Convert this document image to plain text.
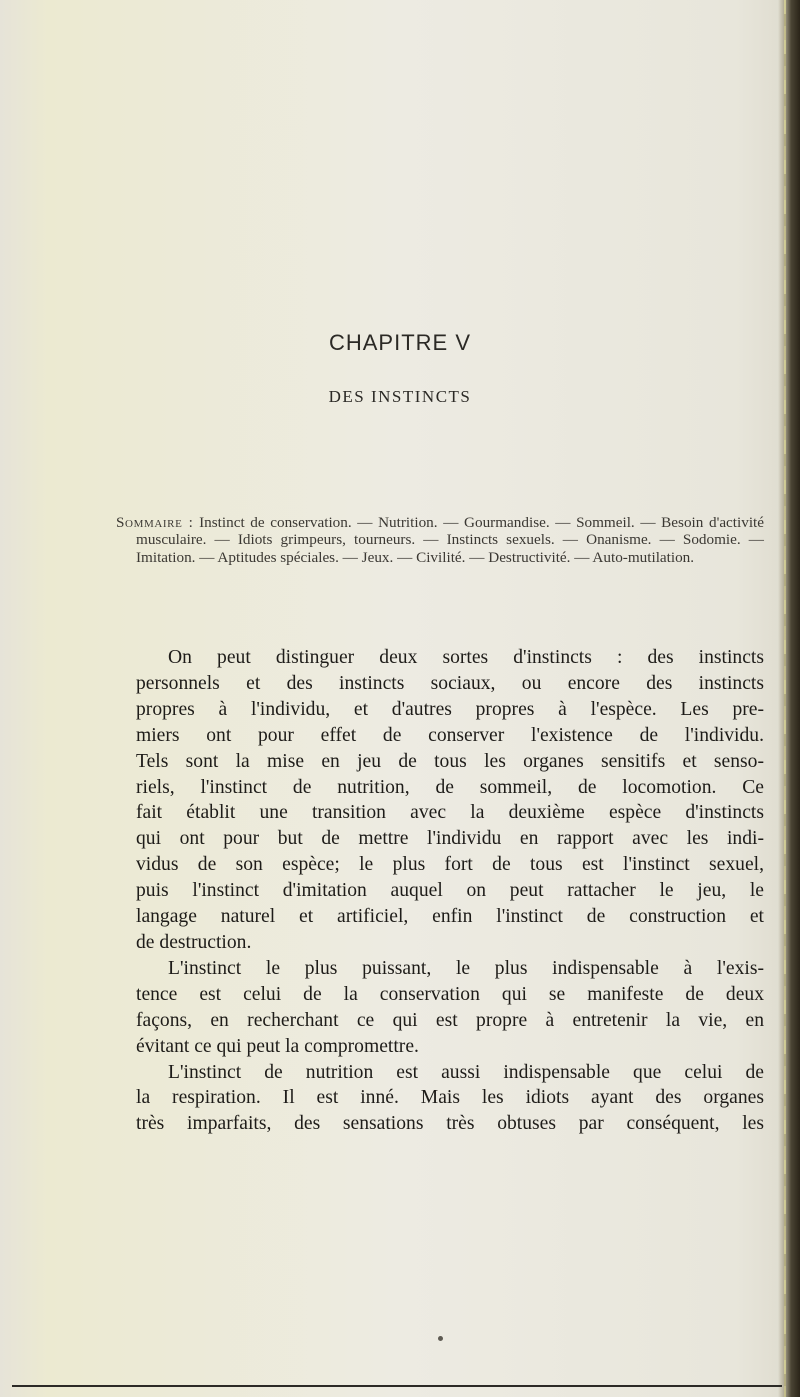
CHAPITRE V
DES INSTINCTS

Sommaire : Instinct de conservation. — Nutrition. — Gourmandise. — Sommeil. — Besoin d'activité musculaire. — Idiots grimpeurs, tourneurs. — Instincts sexuels. — Onanisme. — Sodomie. — Imitation. — Aptitudes spéciales. — Jeux. — Civilité. — Destructivité. — Auto-mutilation.

On peut distinguer deux sortes d'instincts : des instincts
personnels et des instincts sociaux, ou encore des instincts
propres à l'individu, et d'autres propres à l'espèce. Les pre-
miers ont pour effet de conserver l'existence de l'individu.
Tels sont la mise en jeu de tous les organes sensitifs et senso-
riels, l'instinct de nutrition, de sommeil, de locomotion. Ce
fait établit une transition avec la deuxième espèce d'instincts
qui ont pour but de mettre l'individu en rapport avec les indi-
vidus de son espèce; le plus fort de tous est l'instinct sexuel,
puis l'instinct d'imitation auquel on peut rattacher le jeu, le
langage naturel et artificiel, enfin l'instinct de construction et
de destruction.

L'instinct le plus puissant, le plus indispensable à l'exis-
tence est celui de la conservation qui se manifeste de deux
façons, en recherchant ce qui est propre à entretenir la vie, en
évitant ce qui peut la compromettre.

L'instinct de nutrition est aussi indispensable que celui de
la respiration. Il est inné. Mais les idiots ayant des organes
très imparfaits, des sensations très obtuses par conséquent, les
